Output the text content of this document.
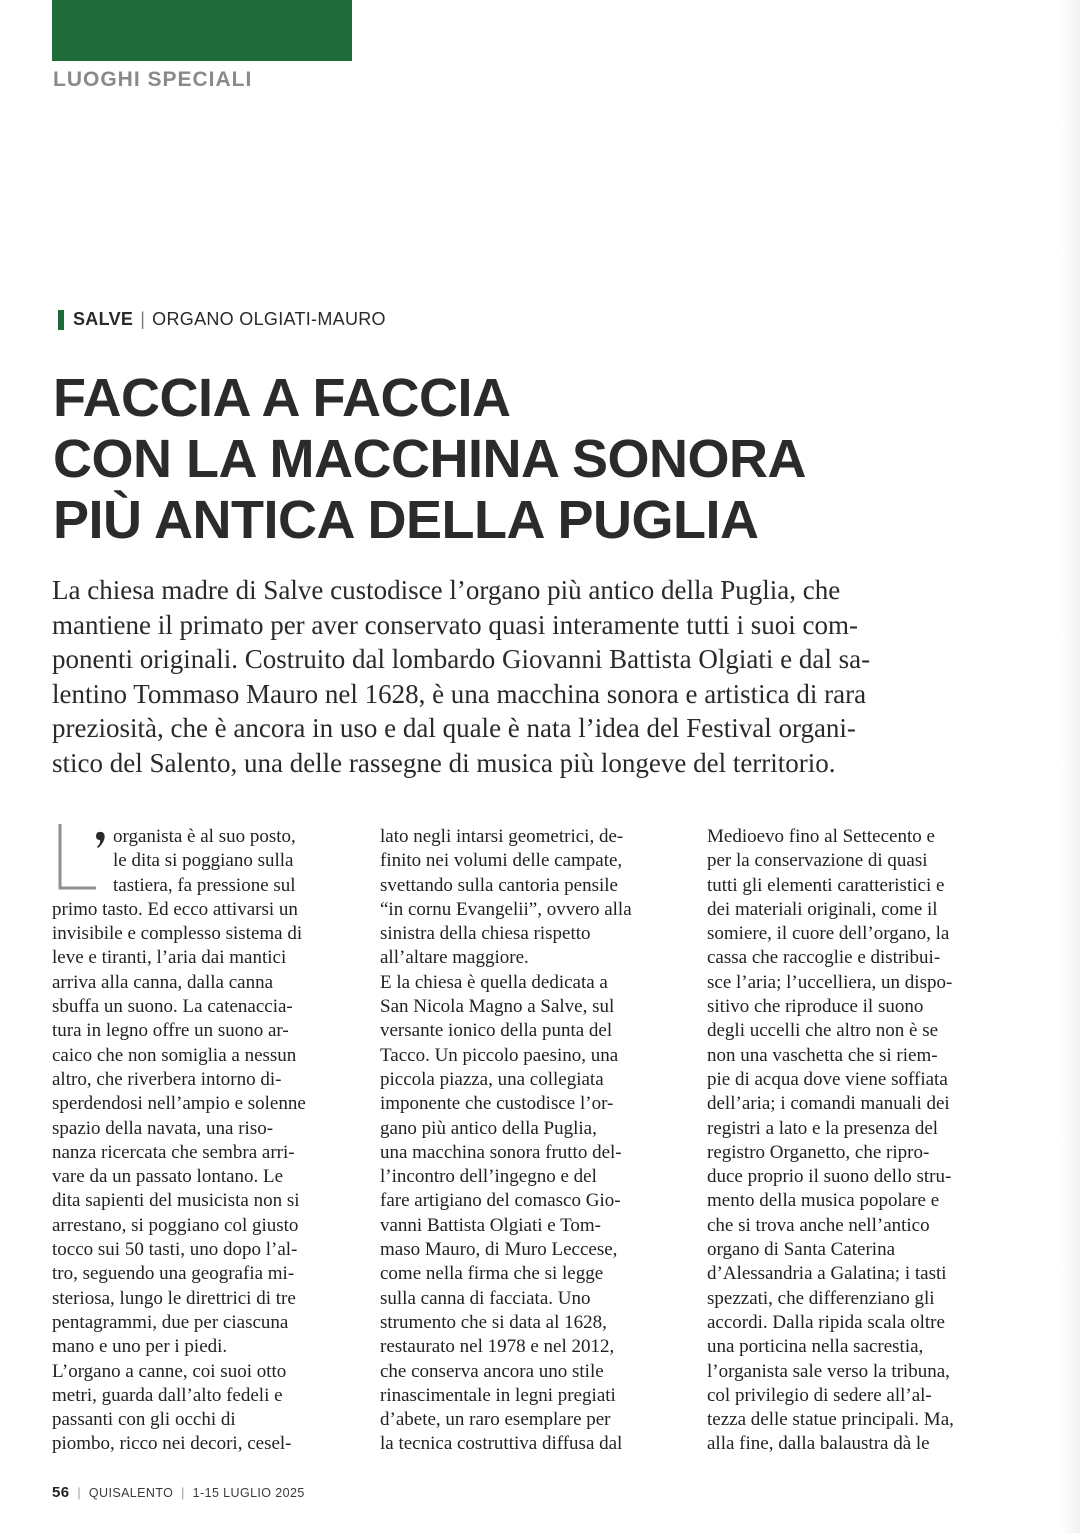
LUOGHI SPECIALI
SALVE | ORGANO OLGIATI-MAURO
FACCIA A FACCIA
CON LA MACCHINA SONORA
PIÙ ANTICA DELLA PUGLIA

La chiesa madre di Salve custodisce l’organo più antico della Puglia, che
mantiene il primato per aver conservato quasi interamente tutti i suoi com-
ponenti originali. Costruito dal lombardo Giovanni Battista Olgiati e dal sa-
lentino Tommaso Mauro nel 1628, è una macchina sonora e artistica di rara
preziosità, che è ancora in uso e dal quale è nata l’idea del Festival organi-
stico del Salento, una delle rassegne di musica più longeve del territorio.

organista è al suo posto,
le dita si poggiano sulla
tastiera, fa pressione sul
primo tasto. Ed ecco attivarsi un
invisibile e complesso sistema di
leve e tiranti, l’aria dai mantici
arriva alla canna, dalla canna
sbuffa un suono. La catenaccia-
tura in legno offre un suono ar-
caico che non somiglia a nessun
altro, che riverbera intorno di-
sperdendosi nell’ampio e solenne
spazio della navata, una riso-
nanza ricercata che sembra arri-
vare da un passato lontano. Le
dita sapienti del musicista non si
arrestano, si poggiano col giusto
tocco sui 50 tasti, uno dopo l’al-
tro, seguendo una geografia mi-
steriosa, lungo le direttrici di tre
pentagrammi, due per ciascuna
mano e uno per i piedi.
L’organo a canne, coi suoi otto
metri, guarda dall’alto fedeli e
passanti con gli occhi di
piombo, ricco nei decori, cesel-
lato negli intarsi geometrici, de-
finito nei volumi delle campate,
svettando sulla cantoria pensile
“in cornu Evangelii”, ovvero alla
sinistra della chiesa rispetto
all’altare maggiore.
E la chiesa è quella dedicata a
San Nicola Magno a Salve, sul
versante ionico della punta del
Tacco. Un piccolo paesino, una
piccola piazza, una collegiata
imponente che custodisce l’or-
gano più antico della Puglia,
una macchina sonora frutto del-
l’incontro dell’ingegno e del
fare artigiano del comasco Gio-
vanni Battista Olgiati e Tom-
maso Mauro, di Muro Leccese,
come nella firma che si legge
sulla canna di facciata. Uno
strumento che si data al 1628,
restaurato nel 1978 e nel 2012,
che conserva ancora uno stile
rinascimentale in legni pregiati
d’abete, un raro esemplare per
la tecnica costruttiva diffusa dal
Medioevo fino al Settecento e
per la conservazione di quasi
tutti gli elementi caratteristici e
dei materiali originali, come il
somiere, il cuore dell’organo, la
cassa che raccoglie e distribui-
sce l’aria; l’uccelliera, un dispo-
sitivo che riproduce il suono
degli uccelli che altro non è se
non una vaschetta che si riem-
pie di acqua dove viene soffiata
dell’aria; i comandi manuali dei
registri a lato e la presenza del
registro Organetto, che ripro-
duce proprio il suono dello stru-
mento della musica popolare e
che si trova anche nell’antico
organo di Santa Caterina
d’Alessandria a Galatina; i tasti
spezzati, che differenziano gli
accordi. Dalla ripida scala oltre
una porticina nella sacrestia,
l’organista sale verso la tribuna,
col privilegio di sedere all’al-
tezza delle statue principali. Ma,
alla fine, dalla balaustra dà le
56 | QUISALENTO | 1-15 LUGLIO 2025
